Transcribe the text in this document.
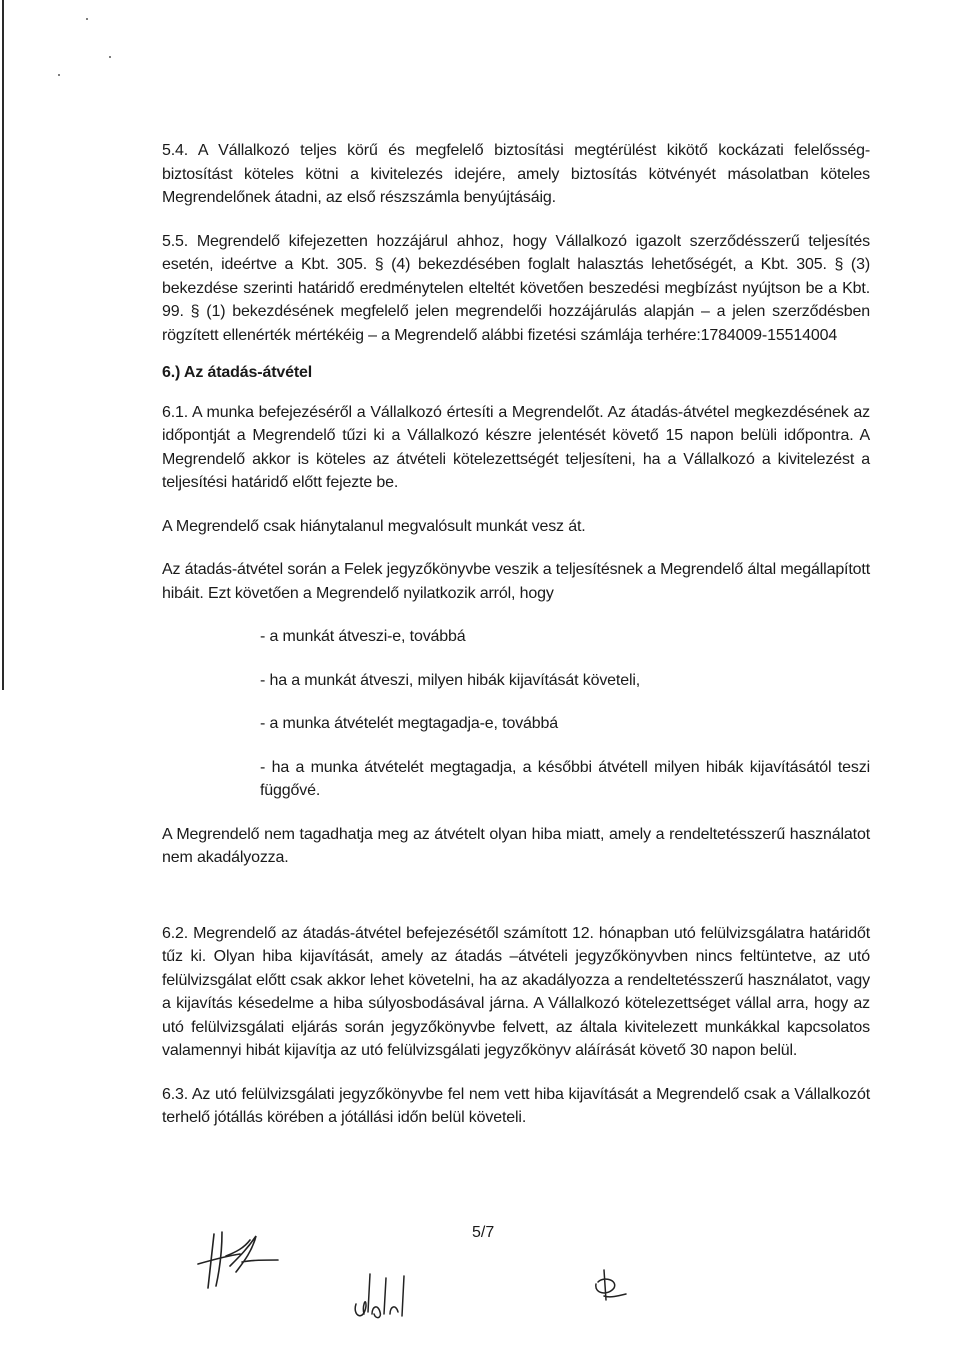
5.4. A Vállalkozó teljes körű és megfelelő biztosítási megtérülést kikötő kockázati felelősség-biztosítást köteles kötni a kivitelezés idejére, amely biztosítás kötvényét másolatban köteles Megrendelőnek átadni, az első részszámla benyújtásáig.

5.5. Megrendelő kifejezetten hozzájárul ahhoz, hogy Vállalkozó igazolt szerződésszerű teljesítés esetén, ideértve a Kbt. 305. § (4) bekezdésében foglalt halasztás lehetőségét, a Kbt. 305. § (3) bekezdése szerinti határidő eredménytelen elteltét követően beszedési megbízást nyújtson be a Kbt. 99. § (1) bekezdésének megfelelő jelen megrendelői hozzájárulás alapján – a jelen szerződésben rögzített ellenérték mértékéig – a Megrendelő alábbi fizetési számlája terhére:1784009-15514004

6.) Az átadás-átvétel

6.1. A munka befejezéséről a Vállalkozó értesíti a Megrendelőt. Az átadás-átvétel megkezdésének az időpontját a Megrendelő tűzi ki a Vállalkozó készre jelentését követő 15 napon belüli időpontra. A Megrendelő akkor is köteles az átvételi kötelezettségét teljesíteni, ha a Vállalkozó a kivitelezést a teljesítési határidő előtt fejezte be.

A Megrendelő csak hiánytalanul megvalósult munkát vesz át.

Az átadás-átvétel során a Felek jegyzőkönyvbe veszik a teljesítésnek a Megrendelő által megállapított hibáit. Ezt követően a Megrendelő nyilatkozik arról, hogy

- a munkát átveszi-e, továbbá
- ha a munkát átveszi, milyen hibák kijavítását követeli,
- a munka átvételét megtagadja-e, továbbá
- ha a munka átvételét megtagadja, a későbbi átvétell milyen hibák kijavításától teszi függővé.

A Megrendelő nem tagadhatja meg az átvételt olyan hiba miatt, amely a rendeltetésszerű használatot nem akadályozza.

6.2. Megrendelő az átadás-átvétel befejezésétől számított 12. hónapban utó felülvizsgálatra határidőt tűz ki. Olyan hiba kijavítását, amely az átadás –átvételi jegyzőkönyvben nincs feltüntetve, az utó felülvizsgálat előtt csak akkor lehet követelni, ha az akadályozza a rendeltetésszerű használatot, vagy a kijavítás késedelme a hiba súlyosbodásával járna. A Vállalkozó kötelezettséget vállal arra, hogy az utó felülvizsgálati eljárás során jegyzőkönyvbe felvett, az általa kivitelezett munkákkal kapcsolatos valamennyi hibát kijavítja az utó felülvizsgálati jegyzőkönyv aláírását követő 30 napon belül.

6.3. Az utó felülvizsgálati jegyzőkönyvbe fel nem vett hiba kijavítását a Megrendelő csak a Vállalkozót terhelő jótállás körében a jótállási időn belül követeli.

5/7
